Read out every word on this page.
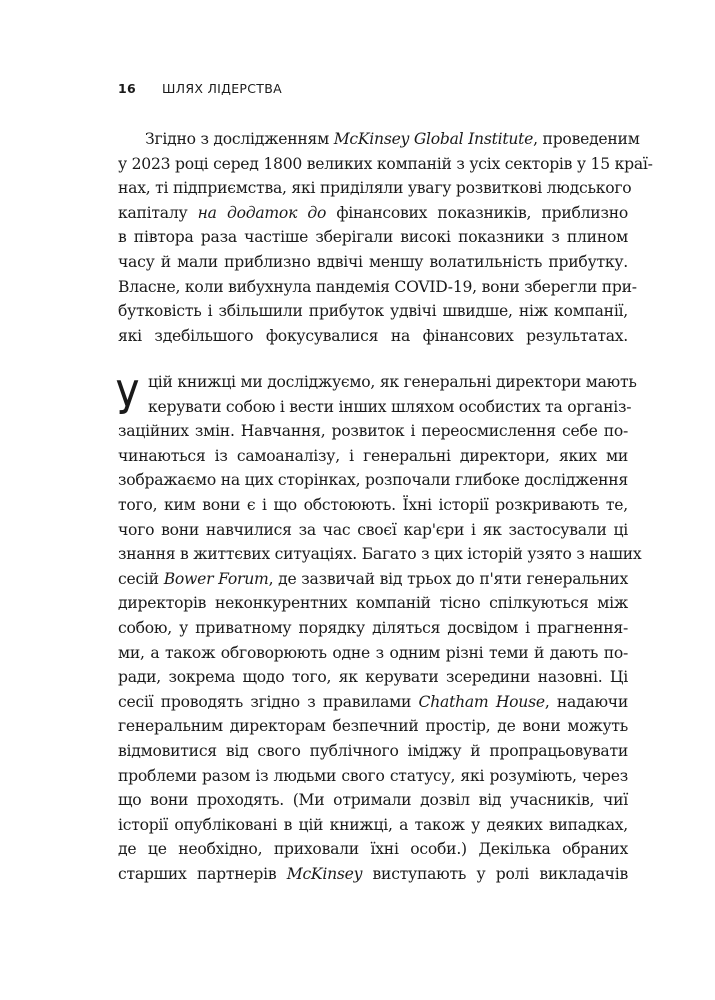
16 ШЛЯХ ЛІДЕРСТВА
Згідно з дослідженням McKinsey Global Institute, проведеним
у 2023 році серед 1800 великих компаній з усіх секторів у 15 краї-
нах, ті підприємства, які приділяли увагу розвиткові людського
капіталу на додаток до фінансових показників, приблизно
в півтора раза частіше зберігали високі показники з плином
часу й мали приблизно вдвічі меншу волатильність прибутку.
Власне, коли вибухнула пандемія COVID-19, вони зберегли при-
бутковість і збільшили прибуток удвічі швидше, ніж компанії,
які здебільшого фокусувалися на фінансових результатах.
У цій книжці ми досліджуємо, як генеральні директори мають
керувати собою і вести інших шляхом особистих та організ-
заційних змін. Навчання, розвиток і переосмислення себе по-
чинаються із самоаналізу, і генеральні директори, яких ми
зображаємо на цих сторінках, розпочали глибоке дослідження
того, ким вони є і що обстоюють. Їхні історії розкривають те,
чого вони навчилися за час своєї кар'єри і як застосували ці
знання в життєвих ситуаціях. Багато з цих історій узято з наших
сесій Bower Forum, де зазвичай від трьох до п'яти генеральних
директорів неконкурентних компаній тісно спілкуються між
собою, у приватному порядку діляться досвідом і прагнення-
ми, а також обговорюють одне з одним різні теми й дають по-
ради, зокрема щодо того, як керувати зсередини назовні. Ці
сесії проводять згідно з правилами Chatham House, надаючи
генеральним директорам безпечний простір, де вони можуть
відмовитися від свого публічного іміджу й пропрацьовувати
проблеми разом із людьми свого статусу, які розуміють, через
що вони проходять. (Ми отримали дозвіл від учасників, чиї
історії опубліковані в цій книжці, а також у деяких випадках,
де це необхідно, приховали їхні особи.) Декілька обраних
старших партнерів McKinsey виступають у ролі викладачів
